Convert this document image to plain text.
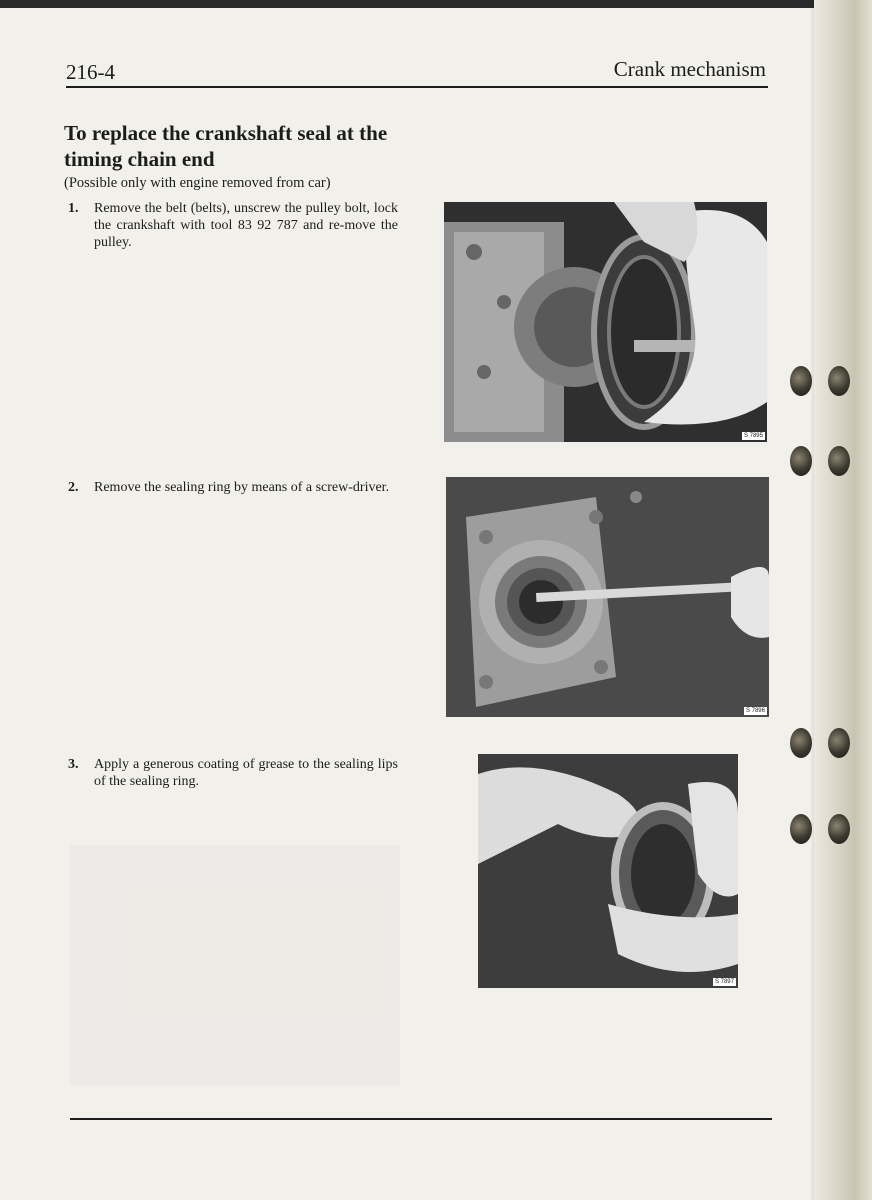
216-4	Crank mechanism
To replace the crankshaft seal at the timing chain end
(Possible only with engine removed from car)
1. Remove the belt (belts), unscrew the pulley bolt, lock the crankshaft with tool 83 92 787 and re-move the pulley.
2. Remove the sealing ring by means of a screw-driver.
3. Apply a generous coating of grease to the sealing lips of the sealing ring.
S 7895
S 7896
S 7897
